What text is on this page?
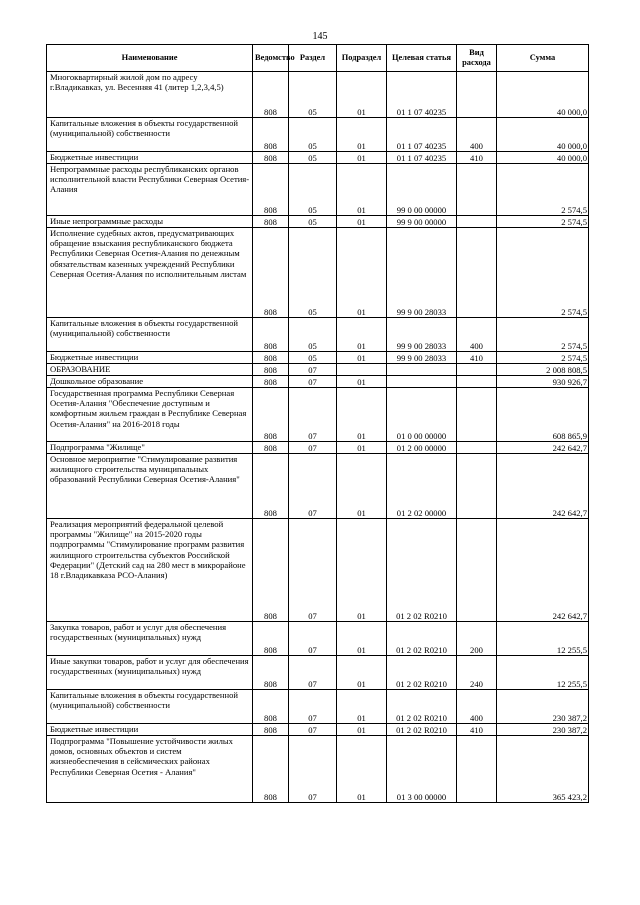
145
Наименование	Ведомство	Раздел	Подраздел	Целевая статья	Вид расхода	Сумма
Многоквартирный жилой дом по адресу г.Владикавказ, ул. Весенняя 41 (литер 1,2,3,4,5)	808	05	01	01 1 07 40235		40 000,0
Капитальные вложения в объекты государственной (муниципальной) собственности	808	05	01	01 1 07 40235	400	40 000,0
Бюджетные инвестиции	808	05	01	01 1 07 40235	410	40 000,0
Непрограммные расходы республиканских органов исполнительной власти Республики Северная Осетия-Алания	808	05	01	99 0 00 00000		2 574,5
Иные непрограммные расходы	808	05	01	99 9 00 00000		2 574,5
Исполнение судебных актов, предусматривающих обращение взыскания республиканского бюджета Республики Северная Осетия-Алания по денежным обязательствам казенных учреждений Республики Северная Осетия-Алания по исполнительным листам	808	05	01	99 9 00 28033		2 574,5
Капитальные вложения в объекты государственной (муниципальной) собственности	808	05	01	99 9 00 28033	400	2 574,5
Бюджетные инвестиции	808	05	01	99 9 00 28033	410	2 574,5
ОБРАЗОВАНИЕ	808	07				2 008 808,5
Дошкольное образование	808	07	01			930 926,7
Государственная программа Республики Северная Осетия-Алания "Обеспечение доступным и комфортным жильем граждан в Республике Северная Осетия-Алания" на 2016-2018 годы	808	07	01	01 0 00 00000		608 865,9
Подпрограмма "Жилище"	808	07	01	01 2 00 00000		242 642,7
Основное мероприятие "Стимулирование развития жилищного строительства муниципальных образований Республики Северная Осетия-Алания"	808	07	01	01 2 02 00000		242 642,7
Реализация мероприятий федеральной целевой программы "Жилище" на 2015-2020 годы подпрограммы "Стимулирование программ развития жилищного строительства субъектов Российской Федерации" (Детский сад на 280 мест в микрорайоне 18 г.Владикавказа РСО-Алания)	808	07	01	01 2 02 R0210		242 642,7
Закупка товаров, работ и услуг для обеспечения государственных (муниципальных) нужд	808	07	01	01 2 02 R0210	200	12 255,5
Иные закупки товаров, работ и услуг для обеспечения государственных (муниципальных) нужд	808	07	01	01 2 02 R0210	240	12 255,5
Капитальные вложения в объекты государственной (муниципальной) собственности	808	07	01	01 2 02 R0210	400	230 387,2
Бюджетные инвестиции	808	07	01	01 2 02 R0210	410	230 387,2
Подпрограмма "Повышение устойчивости жилых домов, основных объектов и систем жизнеобеспечения в сейсмических районах Республики Северная Осетия - Алания"	808	07	01	01 3 00 00000		365 423,2
